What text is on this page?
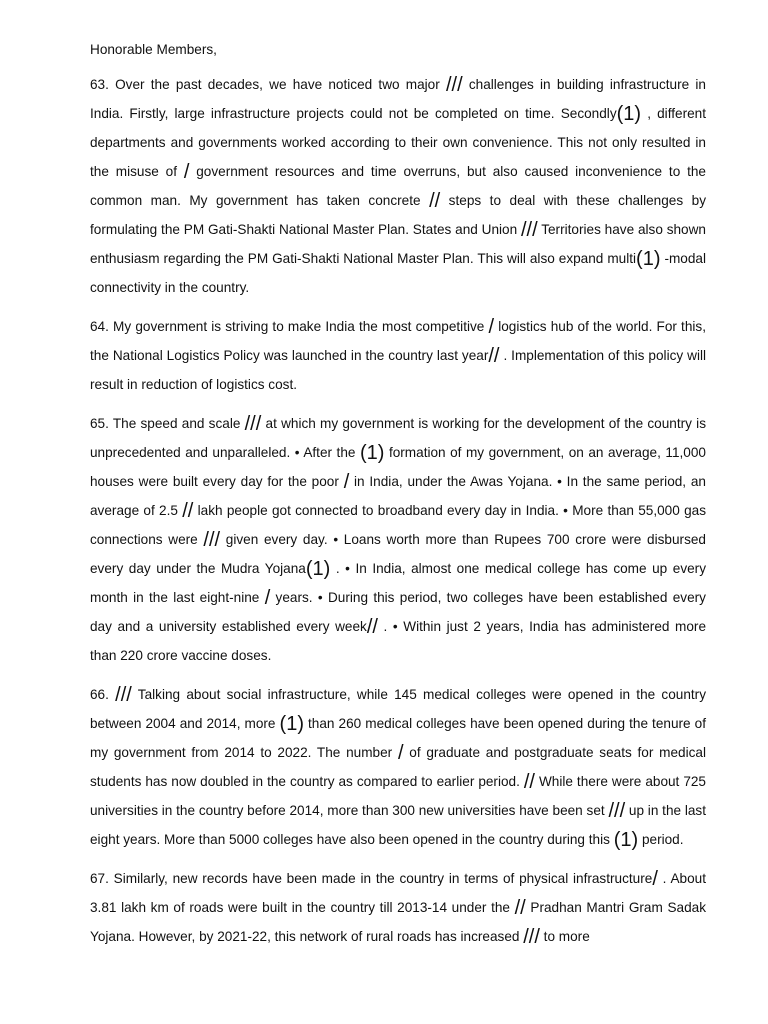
Honorable Members,

63. Over the past decades, we have noticed two major /// challenges in building infrastructure in India. Firstly, large infrastructure projects could not be completed on time. Secondly(1) , different departments and governments worked according to their own convenience. This not only resulted in the misuse of / government resources and time overruns, but also caused inconvenience to the common man. My government has taken concrete // steps to deal with these challenges by formulating the PM Gati-Shakti National Master Plan. States and Union /// Territories have also shown enthusiasm regarding the PM Gati-Shakti National Master Plan. This will also expand multi(1) -modal connectivity in the country.

64. My government is striving to make India the most competitive / logistics hub of the world. For this, the National Logistics Policy was launched in the country last year// . Implementation of this policy will result in reduction of logistics cost.

65. The speed and scale /// at which my government is working for the development of the country is unprecedented and unparalleled. • After the (1) formation of my government, on an average, 11,000 houses were built every day for the poor / in India, under the Awas Yojana. • In the same period, an average of 2.5 // lakh people got connected to broadband every day in India. • More than 55,000 gas connections were /// given every day. • Loans worth more than Rupees 700 crore were disbursed every day under the Mudra Yojana(1) . • In India, almost one medical college has come up every month in the last eight-nine / years. • During this period, two colleges have been established every day and a university established every week// . • Within just 2 years, India has administered more than 220 crore vaccine doses.

66. /// Talking about social infrastructure, while 145 medical colleges were opened in the country between 2004 and 2014, more (1) than 260 medical colleges have been opened during the tenure of my government from 2014 to 2022. The number / of graduate and postgraduate seats for medical students has now doubled in the country as compared to earlier period. // While there were about 725 universities in the country before 2014, more than 300 new universities have been set /// up in the last eight years. More than 5000 colleges have also been opened in the country during this (1) period.

67. Similarly, new records have been made in the country in terms of physical infrastructure/ . About 3.81 lakh km of roads were built in the country till 2013-14 under the // Pradhan Mantri Gram Sadak Yojana. However, by 2021-22, this network of rural roads has increased /// to more
